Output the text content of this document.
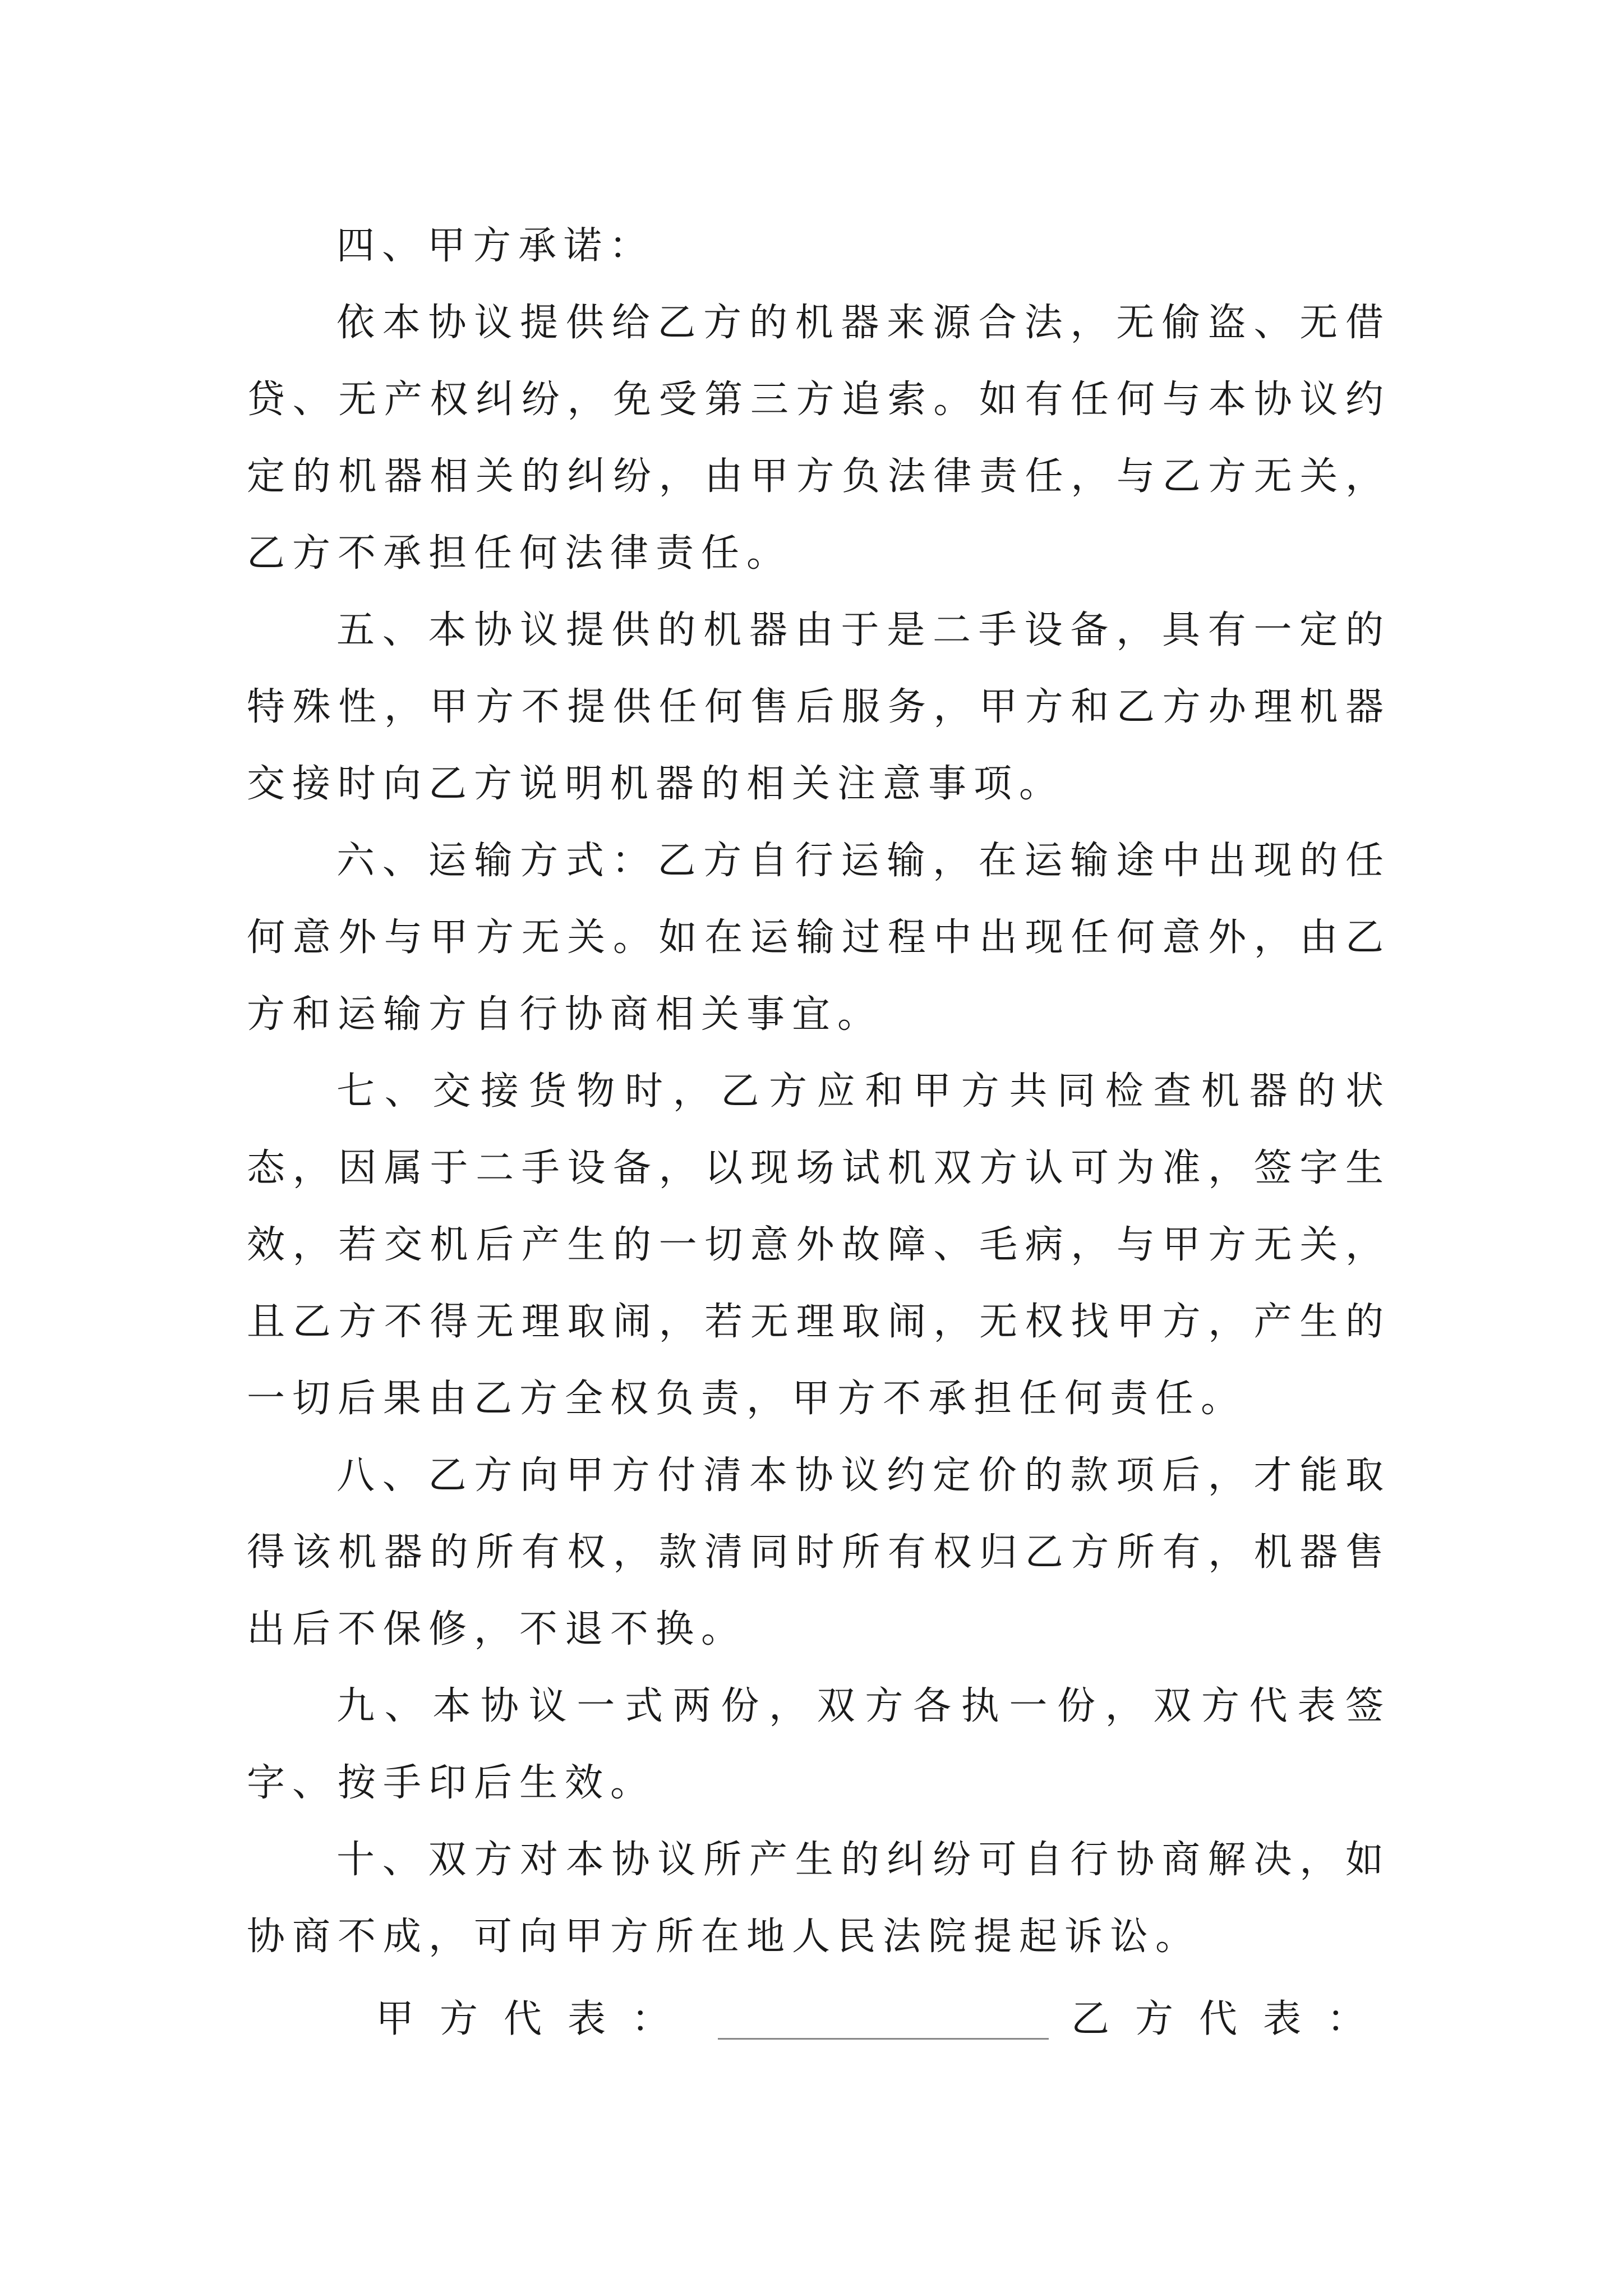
四、甲方承诺：

依本协议提供给乙方的机器来源合法，无偷盗、无借贷、无产权纠纷，免受第三方追索。如有任何与本协议约定的机器相关的纠纷，由甲方负法律责任，与乙方无关，乙方不承担任何法律责任。

五、本协议提供的机器由于是二手设备，具有一定的特殊性，甲方不提供任何售后服务，甲方和乙方办理机器交接时向乙方说明机器的相关注意事项。

六、运输方式：乙方自行运输，在运输途中出现的任何意外与甲方无关。如在运输过程中出现任何意外，由乙方和运输方自行协商相关事宜。

七、交接货物时，乙方应和甲方共同检查机器的状态，因属于二手设备，以现场试机双方认可为准，签字生效，若交机后产生的一切意外故障、毛病，与甲方无关，且乙方不得无理取闹，若无理取闹，无权找甲方，产生的一切后果由乙方全权负责，甲方不承担任何责任。

八、乙方向甲方付清本协议约定价的款项后，才能取得该机器的所有权，款清同时所有权归乙方所有，机器售出后不保修，不退不换。

九、本协议一式两份，双方各执一份，双方代表签字、按手印后生效。

十、双方对本协议所产生的纠纷可自行协商解决，如协商不成，可向甲方所在地人民法院提起诉讼。

甲方代表：	乙方代表：
